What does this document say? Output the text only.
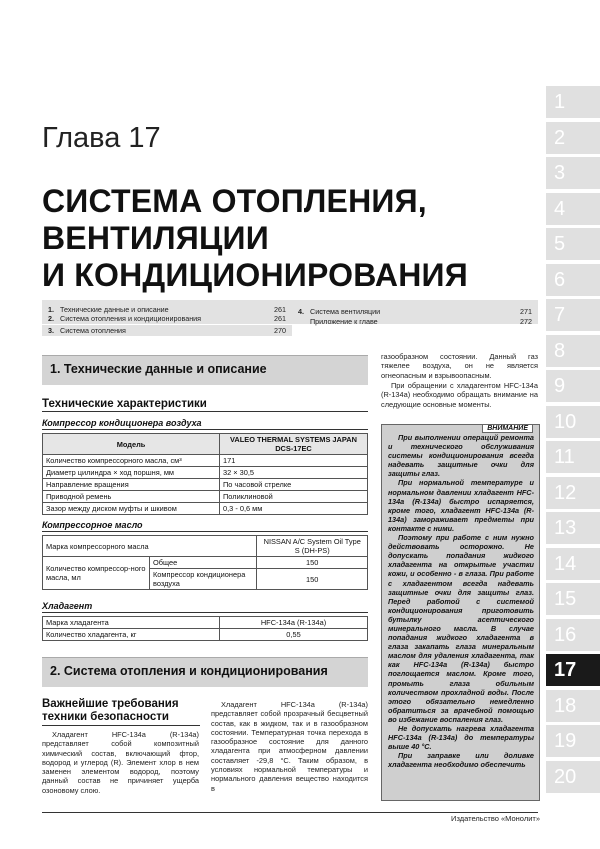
Глава 17
СИСТЕМА ОТОПЛЕНИЯ,
ВЕНТИЛЯЦИИ
И КОНДИЦИОНИРОВАНИЯ
1. Технические данные и описание	261
2. Система отопления и кондиционирования	261
3. Система отопления	270
4. Система вентиляции	271
Приложение к главе	272
1. Технические данные и описание
Технические характеристики
Компрессор кондиционера воздуха
Модель	VALEO THERMAL SYSTEMS JAPAN DCS-17EC
Количество компрессорного масла, см³	171
Диаметр цилиндра × ход поршня, мм	32 × 30,5
Направление вращения	По часовой стрелке
Приводной ремень	Поликлиновой
Зазор между диском муфты и шкивом	0,3 - 0,6 мм
Компрессорное масло
Марка компрессорного масла		NISSAN A/C System Oil Type S (DH-PS)
Количество компрессор-ного масла, мл	Общее	150
	Компрессор кондиционера воздуха	150
Хладагент
Марка хладагента	HFC-134a (R-134a)
Количество хладагента, кг	0,55
2. Система отопления и кондиционирования
Важнейшие требования техники безопасности
Хладагент HFC-134a (R-134a) представляет собой композитный химический состав, включающий фтор, водород и углерод (R). Элемент хлор в нем заменен элементом водород, поэтому данный состав не причиняет ущерба озоновому слою.
Хладагент HFC-134a (R-134a) представляет собой прозрачный бесцветный состав, как в жидком, так и в газообразном состоянии. Температурная точка перехода в газообразное состояние для данного хладагента при атмосферном давлении составляет -29,8 °С. Таким образом, в условиях нормальной температуры и нормального давления вещество находится в
газообразном состоянии. Данный газ тяжелее воздуха, он не является огнеопасным и взрывоопасным.
При обращении с хладагентом HFC-134a (R-134a) необходимо обращать внимание на следующие основные моменты.
ВНИМАНИЕ

При выполнении операций ремонта и технического обслуживания системы кондиционирования всегда надевать защитные очки для защиты глаз.

При нормальной температуре и нормальном давлении хладагент HFC-134a (R-134a) быстро испаряется, кроме того, хладагент HFC-134a (R-134a) замораживает предметы при контакте с ними.

Поэтому при работе с ним нужно действовать осторожно. Не допускать попадания жидкого хладагента на открытые участки кожи, и особенно - в глаза. При работе с хладагентом всегда надевать защитные очки для защиты глаз. Перед работой с системой кондиционирования приготовить бутылку асептического минерального масла. В случае попадания жидкого хладагента в глаза закапать глаза минеральным маслом для удаления хладагента, так как HFC-134a (R-134a) быстро поглощается маслом. Кроме того, промыть глаза обильным количеством прохладной воды. После этого обязательно немедленно обратиться за врачебной помощью во избежание воспаления глаз.

Не допускать нагрева хладагента HFC-134a (R-134a) до температуры выше 40 °С.

При заправке или доливке хладагента необходимо обеспечить

1
2
3
4
5
6
7
8
9
10
11
12
13
14
15
16
17
18
19
20
Издательство «Монолит»
